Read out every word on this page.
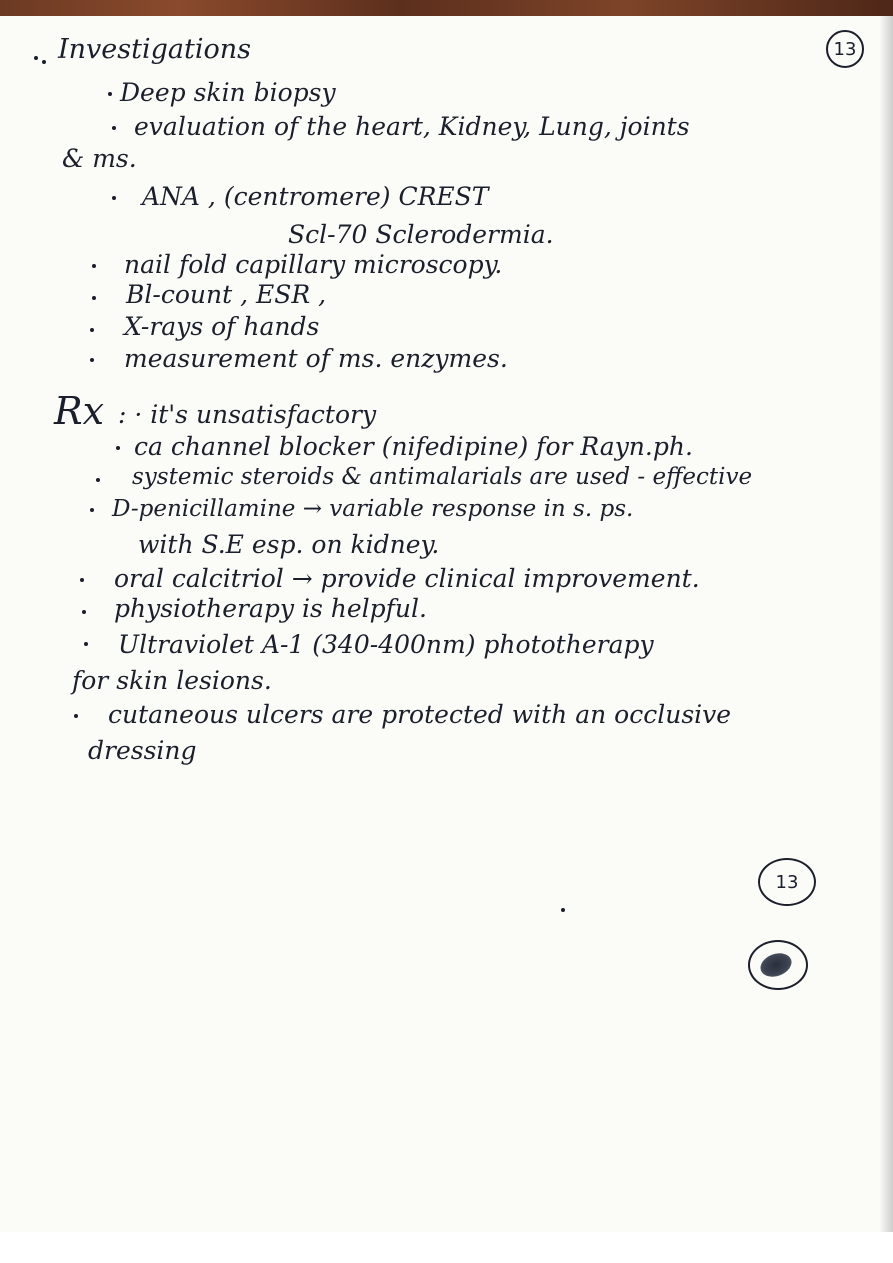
13
Investigations
Deep skin biopsy
evaluation of the heart, Kidney, Lung, joints
& ms.
ANA , (centromere) CREST
Scl-70 Sclerodermia.
nail fold capillary microscopy.
Bl-count , ESR ,
X-rays of hands
measurement of ms. enzymes.
Rx : · it's unsatisfactory
ca channel blocker (nifedipine) for Rayn.ph.
systemic steroids & antimalarials are used - effective
D-penicillamine → variable response in s. ps.
with S.E esp. on kidney.
oral calcitriol → provide clinical improvement.
physiotherapy is helpful.
Ultraviolet A-1 (340-400nm) phototherapy
for skin lesions.
cutaneous ulcers are protected with an occlusive
dressing
13
